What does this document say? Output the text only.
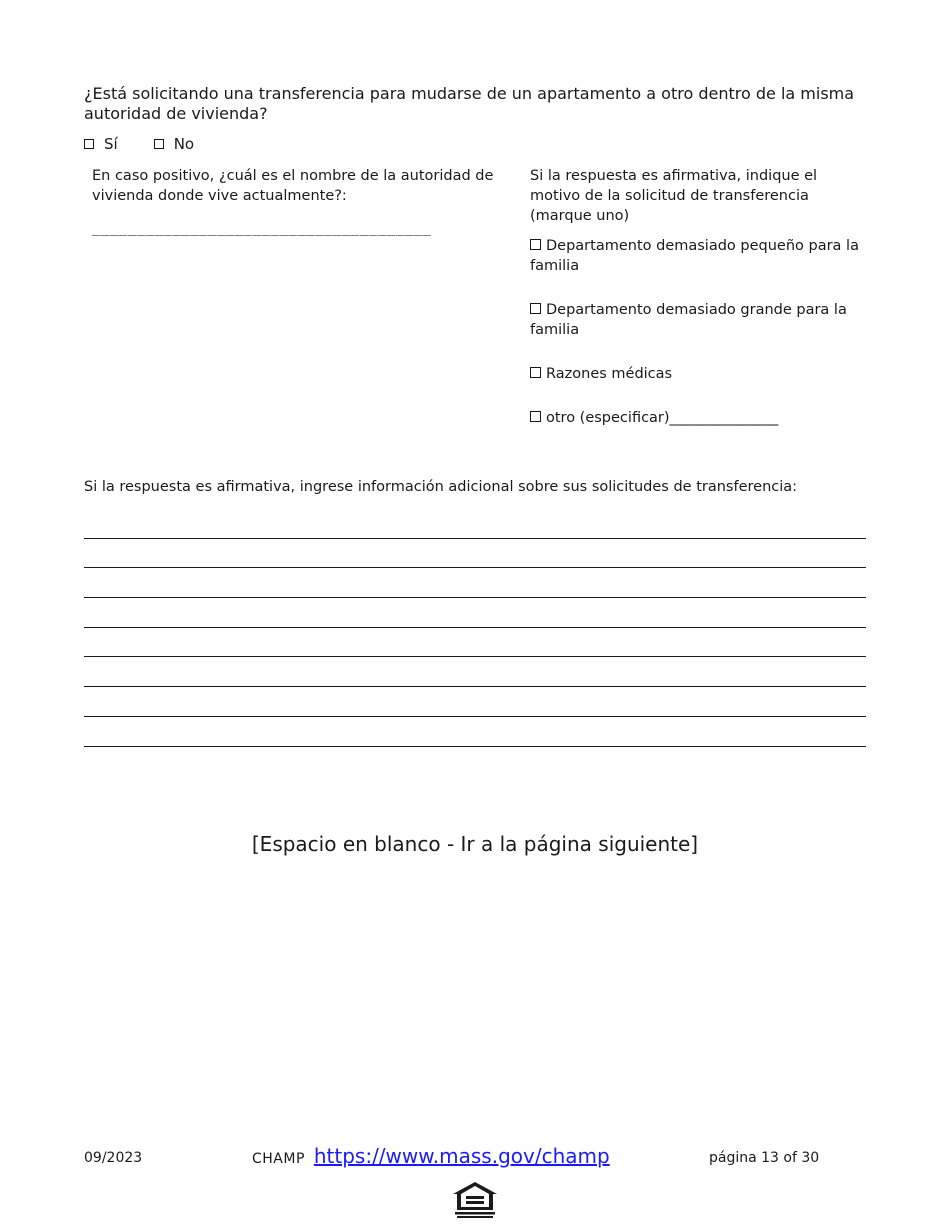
¿Está solicitando una transferencia para mudarse de un apartamento a otro dentro de la misma autoridad de vivienda?
Sí	No
En caso positivo, ¿cuál es el nombre de la autoridad de vivienda donde vive actualmente?:
______________________________________
Si la respuesta es afirmativa, indique el motivo de la solicitud de transferencia (marque uno)
Departamento demasiado pequeño para la familia
Departamento demasiado grande para la familia
Razones médicas
otro (especificar)_______________
Si la respuesta es afirmativa, ingrese información adicional sobre sus solicitudes de transferencia:
[Espacio en blanco - Ir a la página siguiente]
09/2023	CHAMP https://www.mass.gov/champ	página 13 of 30
